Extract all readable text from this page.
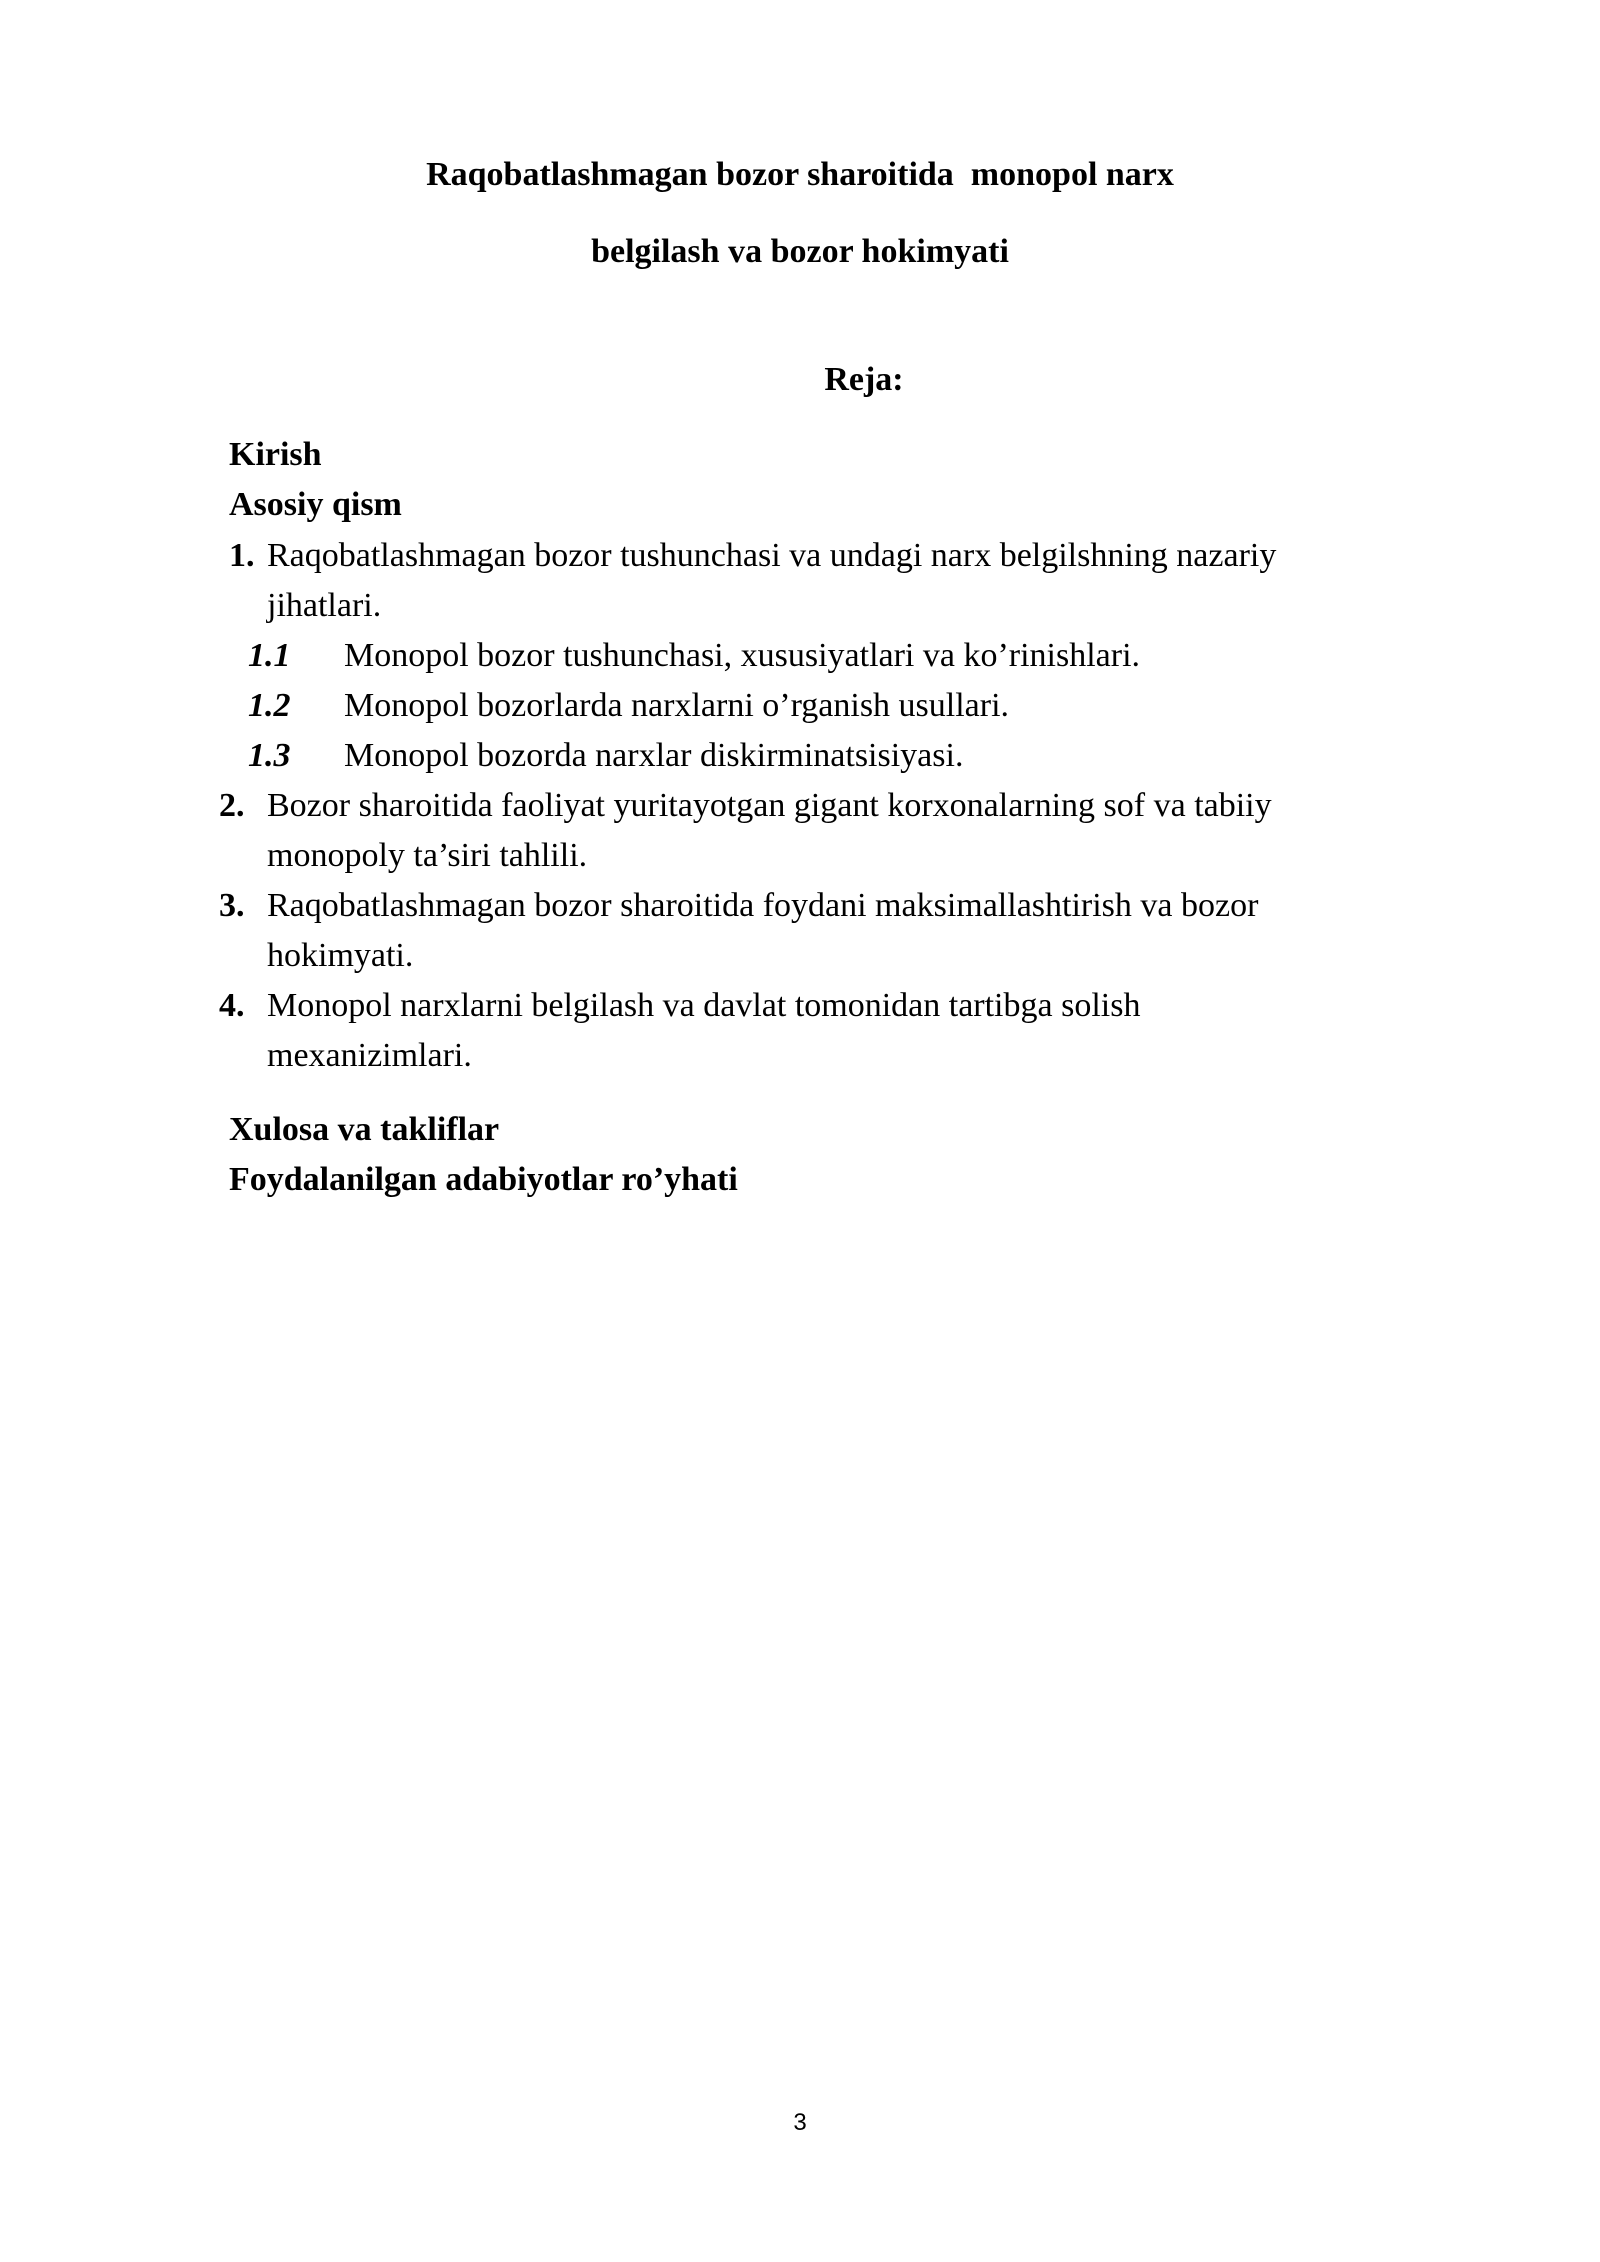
Raqobatlashmagan bozor sharoitida  monopol narx
belgilash va bozor hokimyati
Reja:
Kirish
Asosiy qism
1. Raqobatlashmagan bozor tushunchasi va undagi narx belgilshning nazariy
jihatlari.
1.1 Monopol bozor tushunchasi, xususiyatlari va ko’rinishlari.
1.2 Monopol bozorlarda narxlarni o’rganish usullari.
1.3 Monopol bozorda narxlar diskirminatsisiyasi.
2. Bozor sharoitida faoliyat yuritayotgan gigant korxonalarning sof va tabiiy
monopoly ta’siri tahlili.
3. Raqobatlashmagan bozor sharoitida foydani maksimallashtirish va bozor
hokimyati.
4. Monopol narxlarni belgilash va davlat tomonidan tartibga solish
mexanizimlari.
Xulosa va takliflar
Foydalanilgan adabiyotlar ro’yhati
3
